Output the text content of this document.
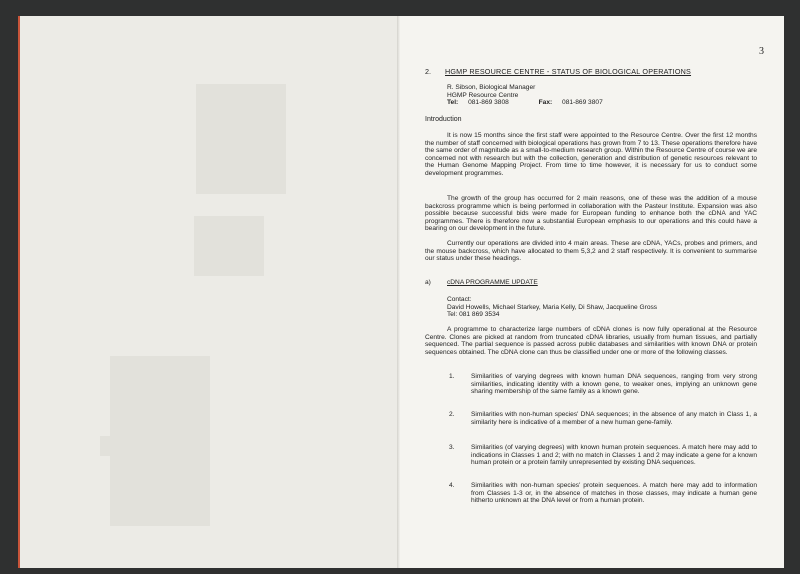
3
2. HGMP RESOURCE CENTRE - STATUS OF BIOLOGICAL OPERATIONS
R. Sibson, Biological Manager
HGMP Resource Centre
Tel: 081-869 3808	Fax: 081-869 3807
Introduction
It is now 15 months since the first staff were appointed to the Resource Centre. Over the first 12 months the number of staff concerned with biological operations has grown from 7 to 13. These operations therefore have the same order of magnitude as a small-to-medium research group. Within the Resource Centre of course we are concerned not with research but with the collection, generation and distribution of genetic resources relevant to the Human Genome Mapping Project. From time to time however, it is necessary for us to conduct some development programmes.
The growth of the group has occurred for 2 main reasons, one of these was the addition of a mouse backcross programme which is being performed in collaboration with the Pasteur Institute. Expansion was also possible because successful bids were made for European funding to enhance both the cDNA and YAC programmes. There is therefore now a substantial European emphasis to our operations and this could have a bearing on our development in the future.
Currently our operations are divided into 4 main areas. These are cDNA, YACs, probes and primers, and the mouse backcross, which have allocated to them 5,3,2 and 2 staff respectively. It is convenient to summarise our status under these headings.
a) cDNA PROGRAMME UPDATE
Contact:
David Howells, Michael Starkey, Maria Kelly, Di Shaw, Jacqueline Gross
Tel: 081 869 3534
A programme to characterize large numbers of cDNA clones is now fully operational at the Resource Centre. Clones are picked at random from truncated cDNA libraries, usually from human tissues, and partially sequenced. The partial sequence is passed across public databases and similarities with known DNA or protein sequences obtained. The cDNA clone can thus be classified under one or more of the following classes.
1.	Similarities of varying degrees with known human DNA sequences, ranging from very strong similarities, indicating identity with a known gene, to weaker ones, implying an unknown gene sharing membership of the same family as a known gene.
2.	Similarities with non-human species' DNA sequences; in the absence of any match in Class 1, a similarity here is indicative of a member of a new human gene-family.
3.	Similarities (of varying degrees) with known human protein sequences. A match here may add to indications in Classes 1 and 2; with no match in Classes 1 and 2 may indicate a gene for a known human protein or a protein family unrepresented by existing DNA sequences.
4.	Similarities with non-human species' protein sequences. A match here may add to information from Classes 1-3 or, in the absence of matches in those classes, may indicate a human gene hitherto unknown at the DNA level or from a human protein.
